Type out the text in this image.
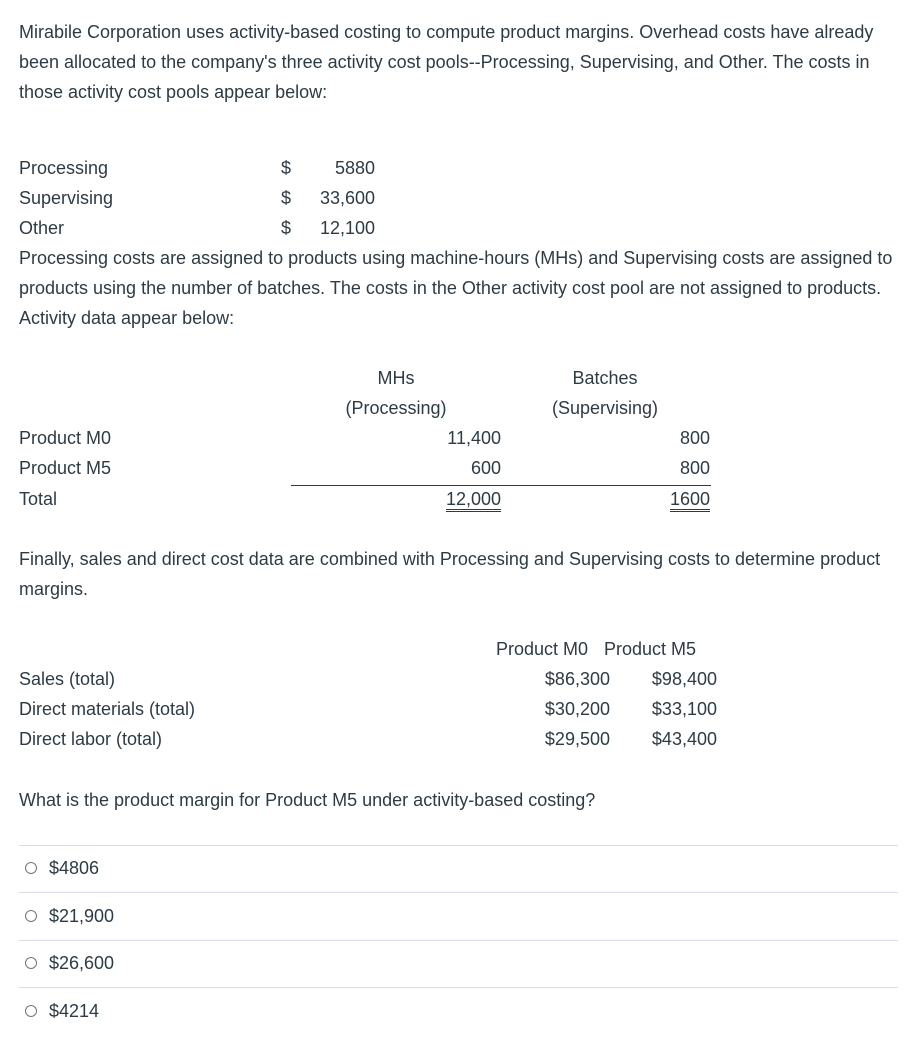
Mirabile Corporation uses activity-based costing to compute product margins. Overhead costs have already been allocated to the company's three activity cost pools--Processing, Supervising, and Other. The costs in those activity cost pools appear below:
Processing	$	5880
Supervising	$	33,600
Other	$	12,100
Processing costs are assigned to products using machine-hours (MHs) and Supervising costs are assigned to products using the number of batches. The costs in the Other activity cost pool are not assigned to products. Activity data appear below:
MHs
(Processing)
Batches
(Supervising)
Product M0	11,400	800
Product M5	600	800
Total	12,000	1600
Finally, sales and direct cost data are combined with Processing and Supervising costs to determine product margins.
Product M0 Product M5
Sales (total)	$86,300	$98,400
Direct materials (total)	$30,200	$33,100
Direct labor (total)	$29,500	$43,400
What is the product margin for Product M5 under activity-based costing?
$4806
$21,900
$26,600
$4214
